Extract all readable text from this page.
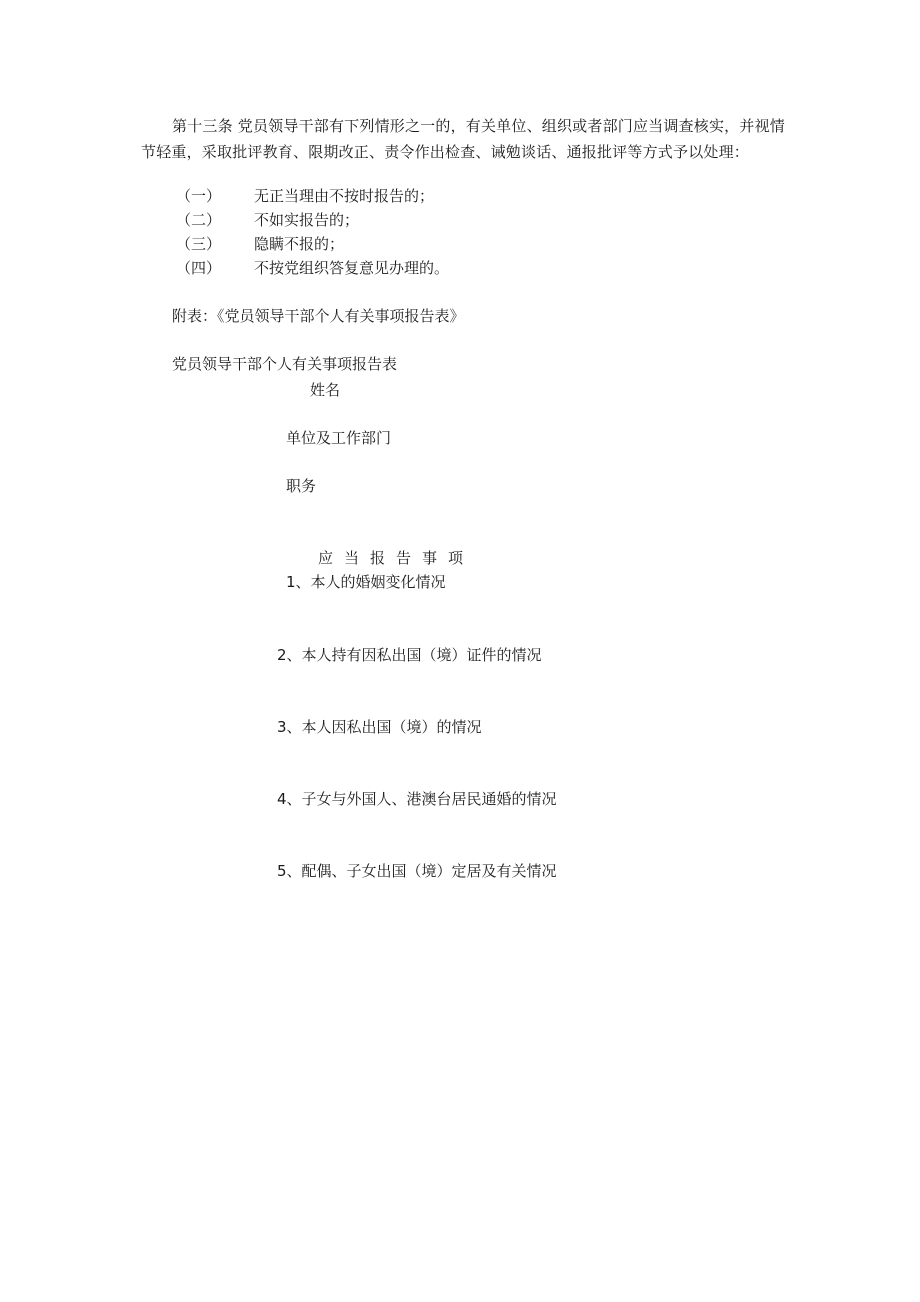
第十三条 党员领导干部有下列情形之一的，有关单位、组织或者部门应当调查核实，并视情节轻重，采取批评教育、限期改正、责令作出检查、诫勉谈话、通报批评等方式予以处理：

（一） 无正当理由不按时报告的；
（二） 不如实报告的；
（三） 隐瞒不报的；
（四） 不按党组织答复意见办理的。
附表：《党员领导干部个人有关事项报告表》
党员领导干部个人有关事项报告表
姓名
单位及工作部门
职务
应当报告事项
1、本人的婚姻变化情况
2、本人持有因私出国（境）证件的情况
3、本人因私出国（境）的情况
4、子女与外国人、港澳台居民通婚的情况
5、配偶、子女出国（境）定居及有关情况
